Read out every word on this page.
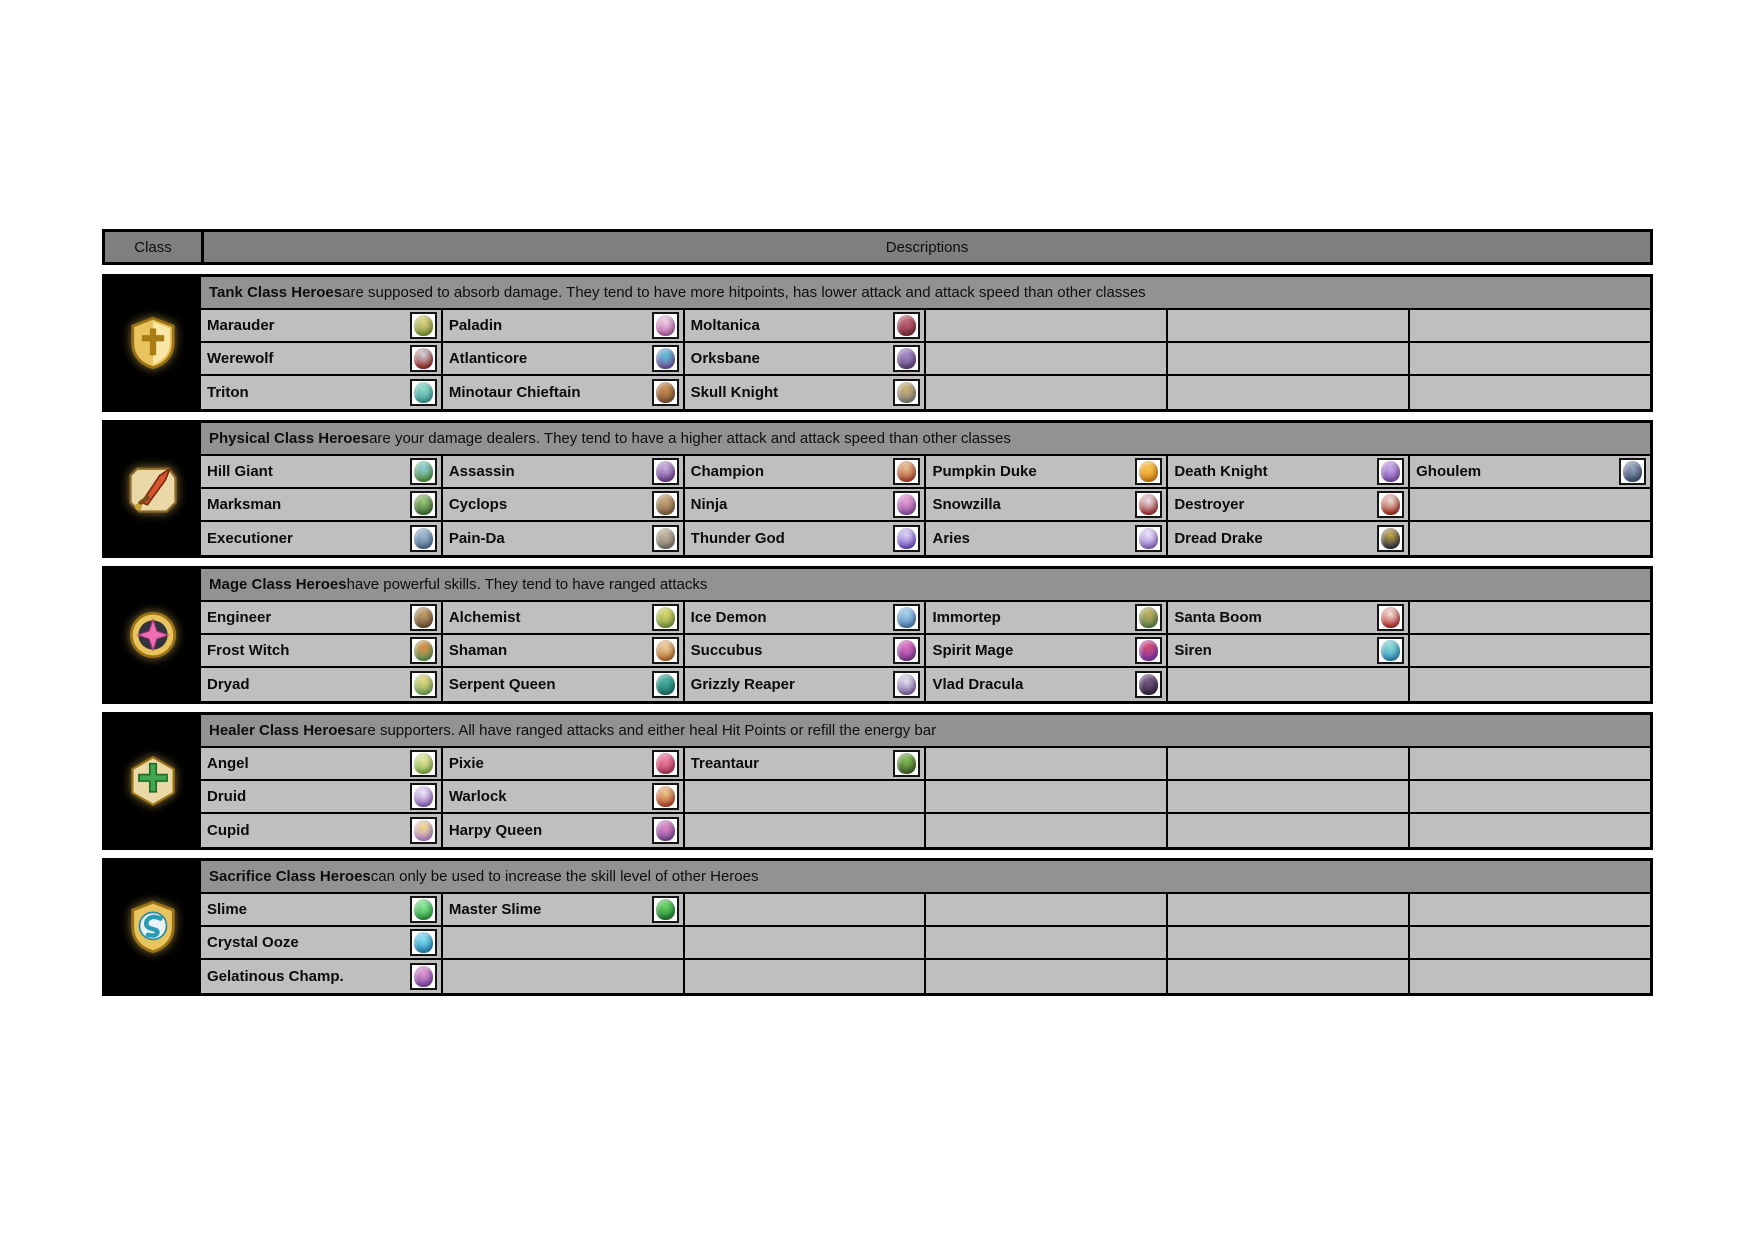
Class	Descriptions
Tank Class Heroes are supposed to absorb damage. They tend to have more hitpoints, has lower attack and attack speed than other classes
Marauder	Paladin	Moltanica
Werewolf	Atlanticore	Orksbane
Triton	Minotaur Chieftain	Skull Knight
Physical Class Heroes are your damage dealers. They tend to have a higher attack and attack speed than other classes
Hill Giant	Assassin	Champion	Pumpkin Duke	Death Knight	Ghoulem
Marksman	Cyclops	Ninja	Snowzilla	Destroyer
Executioner	Pain-Da	Thunder God	Aries	Dread Drake
Mage Class Heroes have powerful skills. They tend to have ranged attacks
Engineer	Alchemist	Ice Demon	Immortep	Santa Boom
Frost Witch	Shaman	Succubus	Spirit Mage	Siren
Dryad	Serpent Queen	Grizzly Reaper	Vlad Dracula
Healer Class Heroes are supporters. All have ranged attacks and either heal Hit Points or refill the energy bar
Angel	Pixie	Treantaur
Druid	Warlock
Cupid	Harpy Queen
Sacrifice Class Heroes can only be used to increase the skill level of other Heroes
Slime	Master Slime
Crystal Ooze
Gelatinous Champ.
